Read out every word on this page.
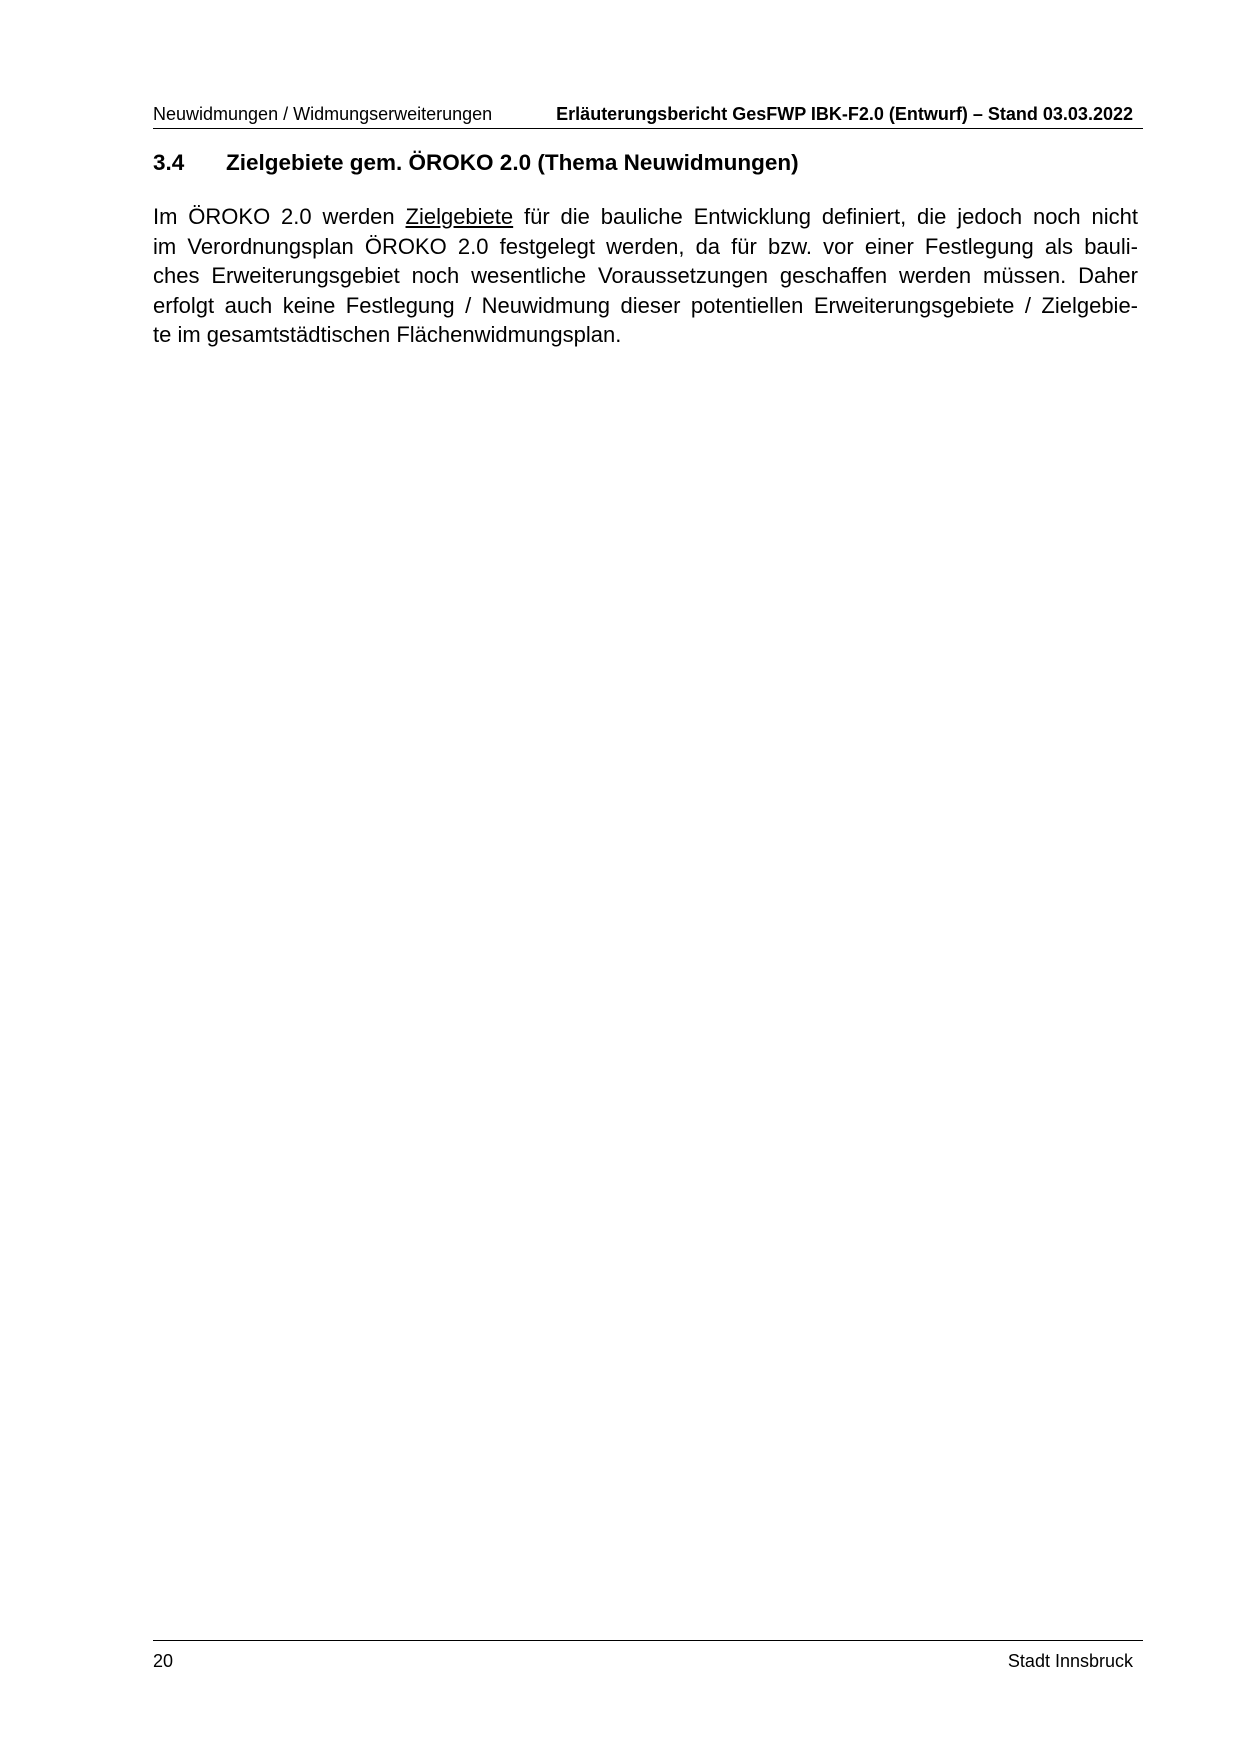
Neuwidmungen / Widmungserweiterungen	Erläuterungsbericht GesFWP IBK-F2.0 (Entwurf) – Stand 03.03.2022
3.4 Zielgebiete gem. ÖROKO 2.0 (Thema Neuwidmungen)
Im ÖROKO 2.0 werden Zielgebiete für die bauliche Entwicklung definiert, die jedoch noch nicht
im Verordnungsplan ÖROKO 2.0 festgelegt werden, da für bzw. vor einer Festlegung als bauli-
ches Erweiterungsgebiet noch wesentliche Voraussetzungen geschaffen werden müssen. Daher
erfolgt auch keine Festlegung / Neuwidmung dieser potentiellen Erweiterungsgebiete / Zielgebie-
te im gesamtstädtischen Flächenwidmungsplan.
20	Stadt Innsbruck
